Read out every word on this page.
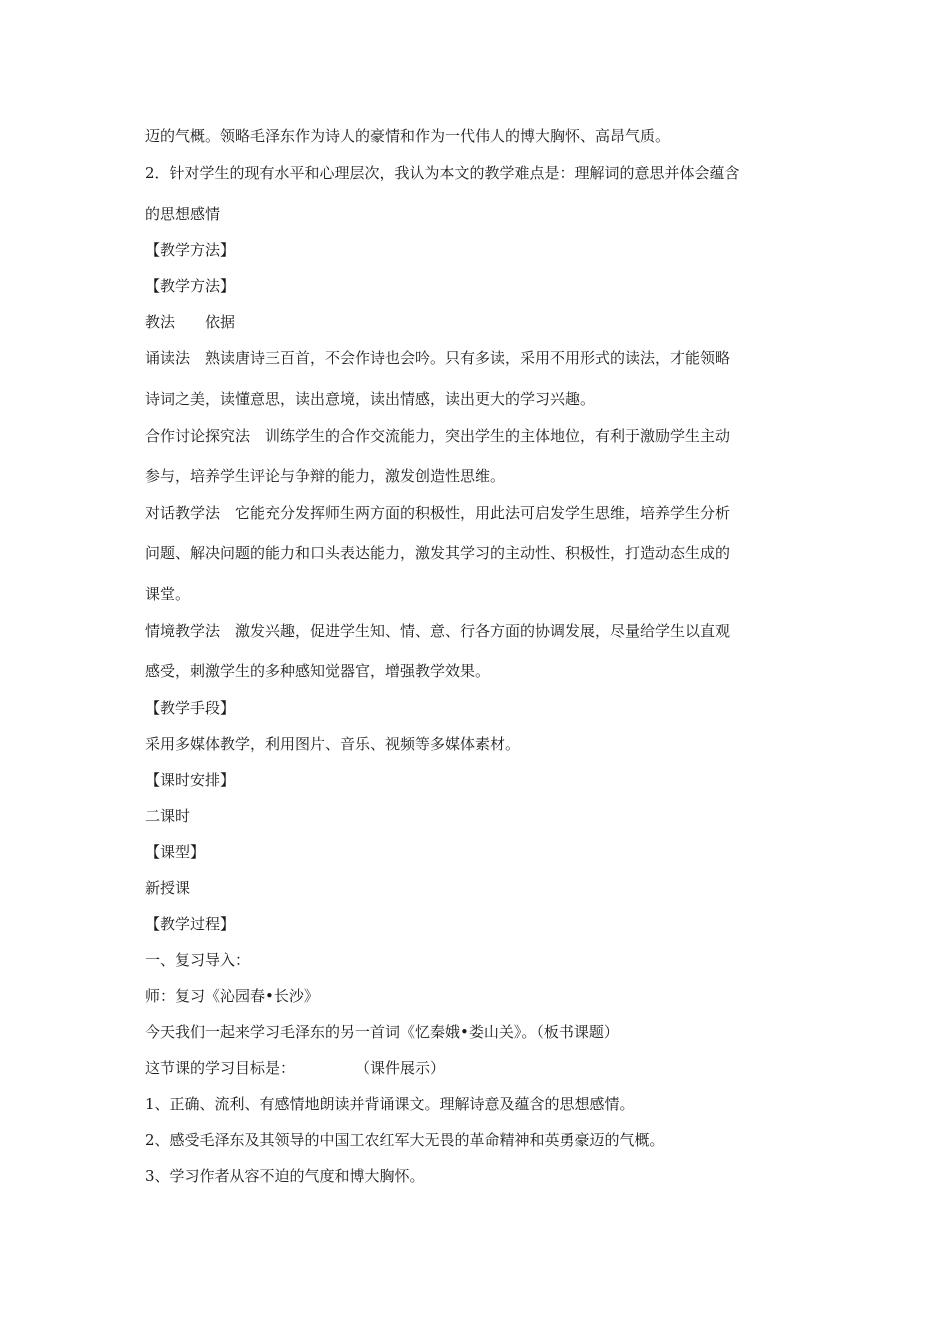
迈的气概。领略毛泽东作为诗人的豪情和作为一代伟人的博大胸怀、高昂气质。
2．针对学生的现有水平和心理层次，我认为本文的教学难点是：理解词的意思并体会蕴含
的思想感情
【教学方法】
【教学方法】
教法 依据
诵读法 熟读唐诗三百首，不会作诗也会吟。只有多读，采用不用形式的读法，才能领略
诗词之美，读懂意思，读出意境，读出情感，读出更大的学习兴趣。
合作讨论探究法 训练学生的合作交流能力，突出学生的主体地位，有利于激励学生主动
参与，培养学生评论与争辩的能力，激发创造性思维。
对话教学法 它能充分发挥师生两方面的积极性，用此法可启发学生思维，培养学生分析
问题、解决问题的能力和口头表达能力，激发其学习的主动性、积极性，打造动态生成的
课堂。
情境教学法 激发兴趣，促进学生知、情、意、行各方面的协调发展，尽量给学生以直观
感受，刺激学生的多种感知觉器官，增强教学效果。
【教学手段】
采用多媒体教学，利用图片、音乐、视频等多媒体素材。
【课时安排】
二课时
【课型】
新授课
【教学过程】
一、复习导入：
师：复习《沁园春•长沙》
今天我们一起来学习毛泽东的另一首词《忆秦娥•娄山关》。（板书课题）
这节课的学习目标是：	（课件展示）
1、正确、流利、有感情地朗读并背诵课文。理解诗意及蕴含的思想感情。
2、感受毛泽东及其领导的中国工农红军大无畏的革命精神和英勇豪迈的气概。
3、学习作者从容不迫的气度和博大胸怀。
